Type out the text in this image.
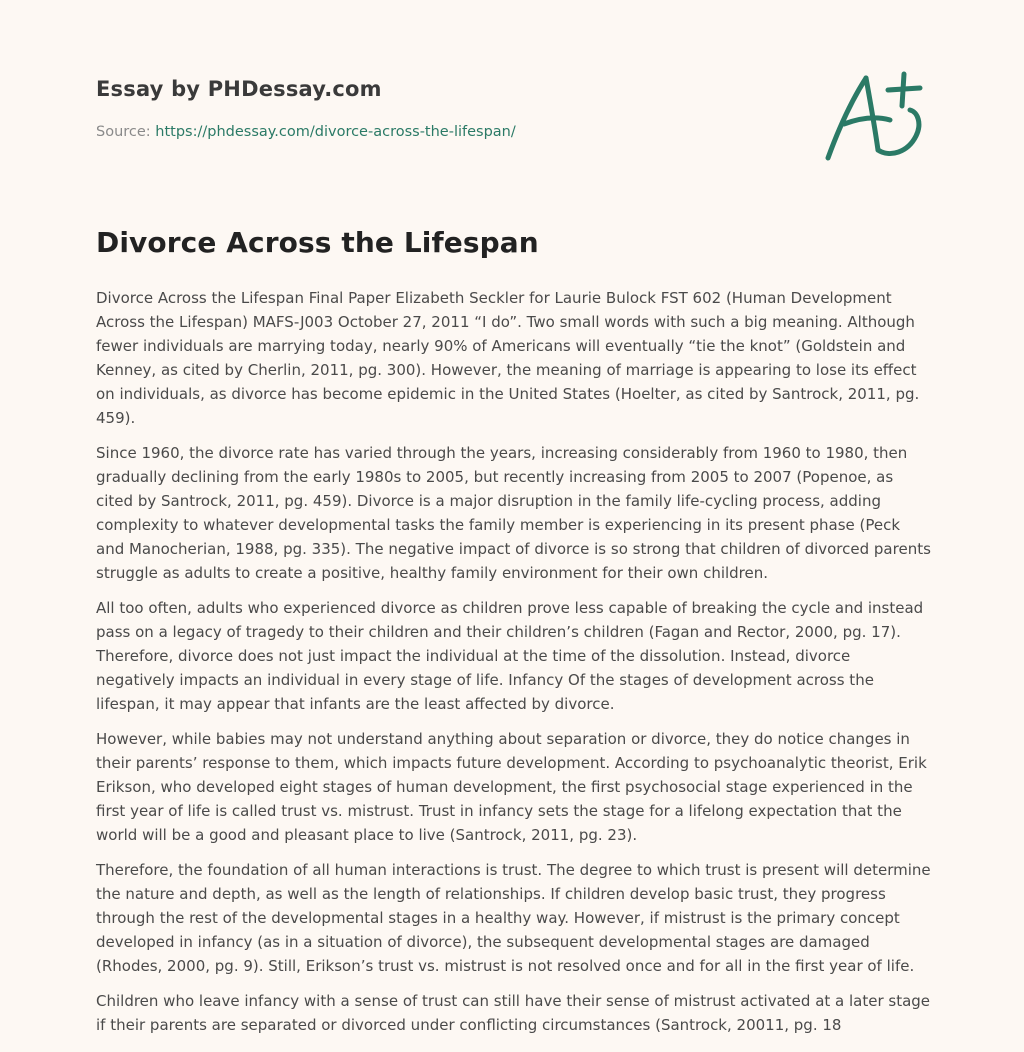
Essay by PHDessay.com
Source: https://phdessay.com/divorce-across-the-lifespan/
Divorce Across the Lifespan

Divorce Across the Lifespan Final Paper Elizabeth Seckler for Laurie Bulock FST 602 (Human Development Across the Lifespan) MAFS-J003 October 27, 2011 “I do”. Two small words with such a big meaning. Although fewer individuals are marrying today, nearly 90% of Americans will eventually “tie the knot” (Goldstein and Kenney, as cited by Cherlin, 2011, pg. 300). However, the meaning of marriage is appearing to lose its effect on individuals, as divorce has become epidemic in the United States (Hoelter, as cited by Santrock, 2011, pg. 459).

Since 1960, the divorce rate has varied through the years, increasing considerably from 1960 to 1980, then gradually declining from the early 1980s to 2005, but recently increasing from 2005 to 2007 (Popenoe, as cited by Santrock, 2011, pg. 459). Divorce is a major disruption in the family life-cycling process, adding complexity to whatever developmental tasks the family member is experiencing in its present phase (Peck and Manocherian, 1988, pg. 335). The negative impact of divorce is so strong that children of divorced parents struggle as adults to create a positive, healthy family environment for their own children.

All too often, adults who experienced divorce as children prove less capable of breaking the cycle and instead pass on a legacy of tragedy to their children and their children’s children (Fagan and Rector, 2000, pg. 17). Therefore, divorce does not just impact the individual at the time of the dissolution. Instead, divorce negatively impacts an individual in every stage of life. Infancy Of the stages of development across the lifespan, it may appear that infants are the least affected by divorce.

However, while babies may not understand anything about separation or divorce, they do notice changes in their parents’ response to them, which impacts future development. According to psychoanalytic theorist, Erik Erikson, who developed eight stages of human development, the first psychosocial stage experienced in the first year of life is called trust vs. mistrust. Trust in infancy sets the stage for a lifelong expectation that the world will be a good and pleasant place to live (Santrock, 2011, pg. 23).

Therefore, the foundation of all human interactions is trust. The degree to which trust is present will determine the nature and depth, as well as the length of relationships. If children develop basic trust, they progress through the rest of the developmental stages in a healthy way. However, if mistrust is the primary concept developed in infancy (as in a situation of divorce), the subsequent developmental stages are damaged (Rhodes, 2000, pg. 9). Still, Erikson’s trust vs. mistrust is not resolved once and for all in the first year of life.

Children who leave infancy with a sense of trust can still have their sense of mistrust activated at a later stage if their parents are separated or divorced under conflicting circumstances (Santrock, 20011, pg. 18
